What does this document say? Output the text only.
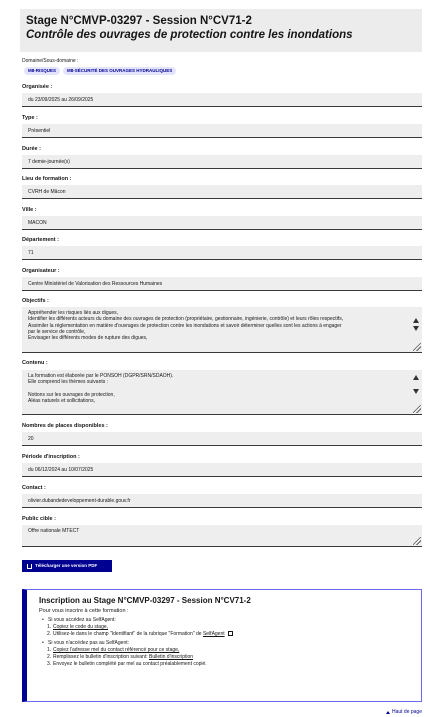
Stage N°CMVP-03297 - Session N°CV71-2
Contrôle des ouvrages de protection contre les inondations
Domaine/Sous-domaine :
M8-RISQUES	M8-SÉCURITÉ DES OUVRAGES HYDRAULIQUES
Organisée :
du 23/09/2025 au 26/09/2025
Type :
Présentiel
Durée :
7 demie-journée(s)
Lieu de formation :
CVRH de Mâcon
Ville :
MACON
Département :
71
Organisateur :
Centre Ministériel de Valorisation des Ressources Humaines
Objectifs :

Appréhender les risques liés aux digues,

Identifier les différents acteurs du domaine des ouvrages de protection (propriétaire, gestionnaire, ingénierie, contrôle) et leurs rôles respectifs,

Assimiler la réglementation en matière d'ouvrages de protection contre les inondations et savoir déterminer quelles sont les actions à engager

par le service de contrôle,

Envisager les différents modes de rupture des digues,

Contenu :

La formation est élaborée par le PONSOH (DGPR/SRN/SDAOH).

Elle comprend les thèmes suivants :

Notions sur les ouvrages de protection,

Aléas naturels et sollicitations,

Nombres de places disponibles :
20
Période d'inscription :
du 06/12/2024 au 10/07/2025
Contact :
olivier.dubandedeveloppement-durable.gouv.fr
Public cible :

Offre nationale MTECT

Télécharger une version PDF
Inscription au Stage N°CMVP-03297 - Session N°CV71-2
Pour vous inscrire à cette formation :
• Si vous accédez au SelfAgent:
1. Copiez le code du stage,
2. Utilisez-le dans le champ "Identifiant" de la rubrique "Formation" de SelfAgent
• Si vous n'accédez pas au SelfAgent:
1. Copiez l'adresse mel du contact référencé pour ce stage,
2. Remplissez le bulletin d'inscription suivant: Bulletin d'inscription
3. Envoyez le bulletin complété par mel au contact préalablement copié.
Haut de page
